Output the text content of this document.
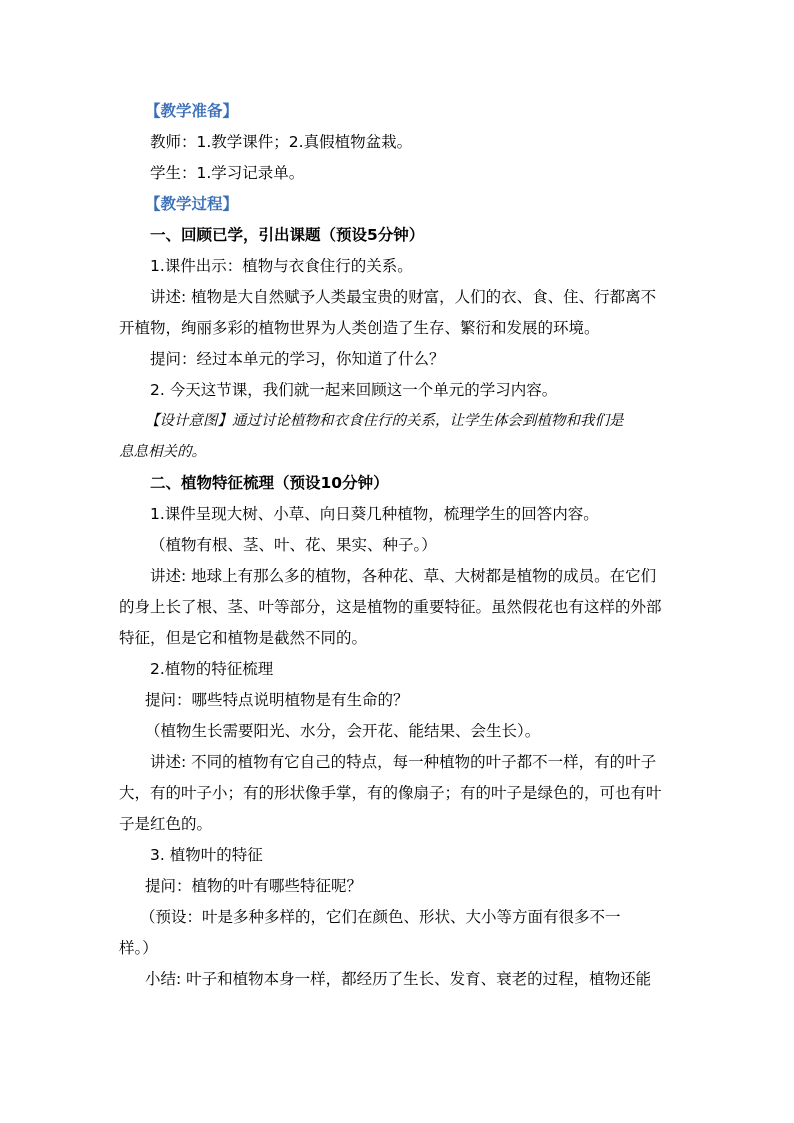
【教学准备】

教师：1.教学课件；2.真假植物盆栽。

学生：1.学习记录单。

【教学过程】

一、回顾已学，引出课题（预设5分钟）

1.课件出示：植物与衣食住行的关系。

讲述: 植物是大自然赋予人类最宝贵的财富，人们的衣、食、住、行都离不

开植物，绚丽多彩的植物世界为人类创造了生存、繁衍和发展的环境。

提问：经过本单元的学习，你知道了什么？

2. 今天这节课，我们就一起来回顾这一个单元的学习内容。

【设计意图】通过讨论植物和衣食住行的关系，让学生体会到植物和我们是

息息相关的。

二、植物特征梳理（预设10分钟）

1.课件呈现大树、小草、向日葵几种植物，梳理学生的回答内容。

（植物有根、茎、叶、花、果实、种子。）

讲述: 地球上有那么多的植物，各种花、草、大树都是植物的成员。在它们

的身上长了根、茎、叶等部分，这是植物的重要特征。虽然假花也有这样的外部

特征，但是它和植物是截然不同的。

2.植物的特征梳理

提问：哪些特点说明植物是有生命的？

（植物生长需要阳光、水分，会开花、能结果、会生长）。

讲述: 不同的植物有它自己的特点，每一种植物的叶子都不一样，有的叶子

大，有的叶子小；有的形状像手掌，有的像扇子；有的叶子是绿色的，可也有叶

子是红色的。

3. 植物叶的特征

提问：植物的叶有哪些特征呢？

（预设：叶是多种多样的，它们在颜色、形状、大小等方面有很多不一

样。）

小结: 叶子和植物本身一样，都经历了生长、发育、衰老的过程，植物还能
